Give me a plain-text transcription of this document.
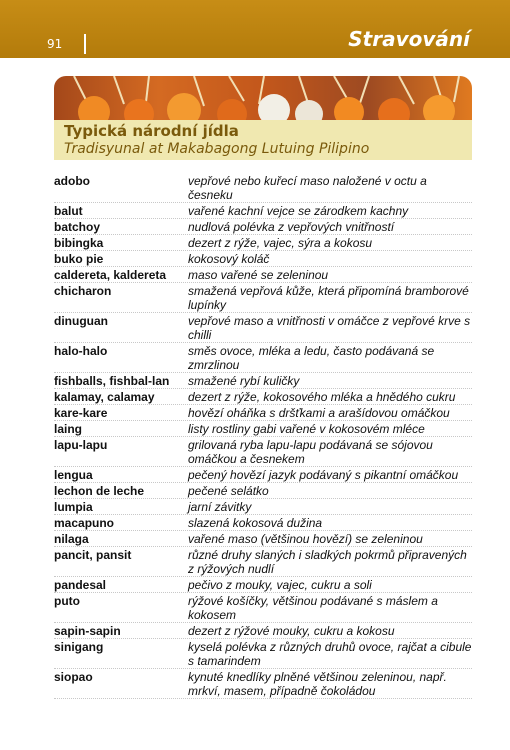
91	Stravování
Typická národní jídla
Tradisyunal at Makabagong Lutuing Pilipino
adobo	vepřové nebo kuřecí maso naložené v octu a česneku
balut	vařené kachní vejce se zárodkem kachny
batchoy	nudlová polévka z vepřových vnitřností
bibingka	dezert z rýže, vajec, sýra a kokosu
buko pie	kokosový koláč
caldereta, kaldereta	maso vařené se zeleninou
chicharon	smažená vepřová kůže, která připomíná bramborové lupínky
dinuguan	vepřové maso a vnitřnosti v omáčce z vepřové krve s chilli
halo-halo	směs ovoce, mléka a ledu, často podávaná se zmrzlinou
fishballs, fishbal-lan	smažené rybí kuličky
kalamay, calamay	dezert z rýže, kokosového mléka a hnědého cukru
kare-kare	hovězí oháňka s dršťkami a arašídovou omáčkou
laing	listy rostliny gabi vařené v kokosovém mléce
lapu-lapu	grilovaná ryba lapu-lapu podávaná se sójovou omáčkou a česnekem
lengua	pečený hovězí jazyk podávaný s pikantní omáčkou
lechon de leche	pečené selátko
lumpia	jarní závitky
macapuno	slazená kokosová dužina
nilaga	vařené maso (většinou hovězí) se zeleninou
pancit, pansit	různé druhy slaných i sladkých pokrmů připravených z rýžových nudlí
pandesal	pečivo z mouky, vajec, cukru a soli
puto	rýžové košíčky, většinou podávané s máslem a kokosem
sapin-sapin	dezert z rýžové mouky, cukru a kokosu
sinigang	kyselá polévka z různých druhů ovoce, rajčat a cibule s tamarindem
siopao	kynuté knedlíky plněné většinou zeleninou, např. mrkví, masem, případně čokoládou
